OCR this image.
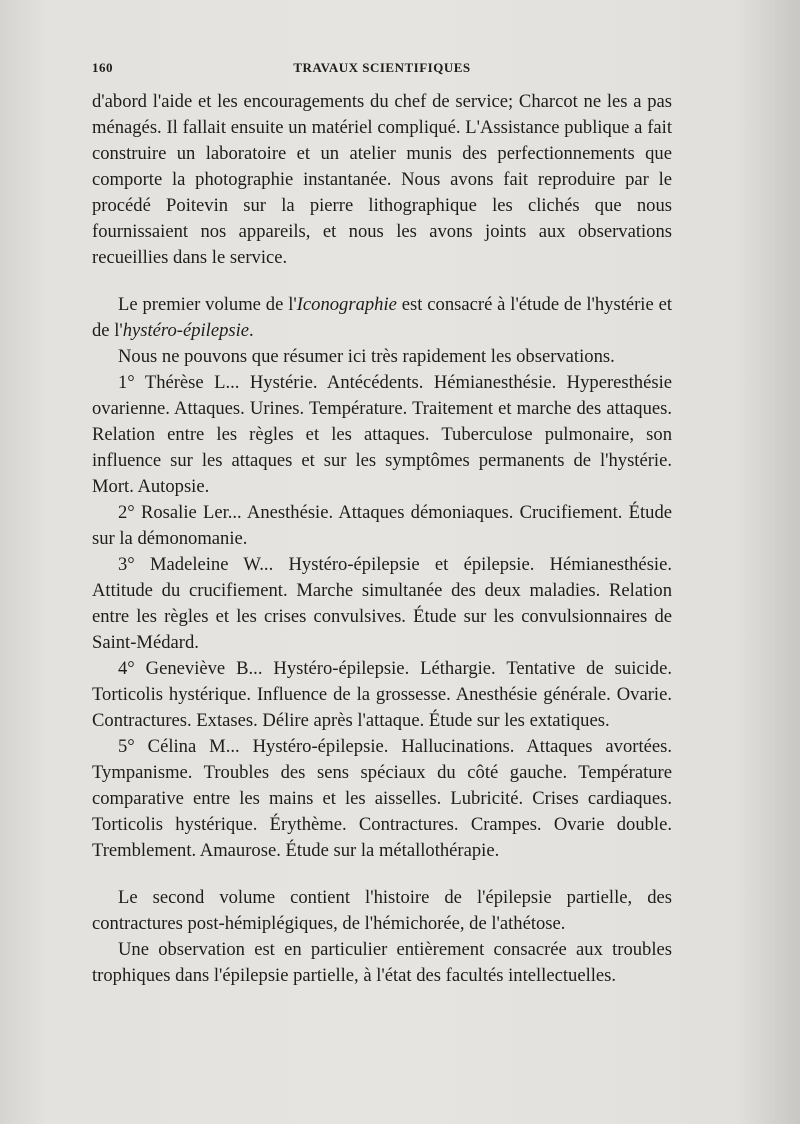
160	TRAVAUX SCIENTIFIQUES

d'abord l'aide et les encouragements du chef de service; Charcot ne les a pas ménagés. Il fallait ensuite un matériel compliqué. L'Assistance publique a fait construire un laboratoire et un atelier munis des perfectionnements que comporte la photographie instantanée. Nous avons fait reproduire par le procédé Poitevin sur la pierre lithographique les clichés que nous fournissaient nos appareils, et nous les avons joints aux observations recueillies dans le service.

Le premier volume de l'Iconographie est consacré à l'étude de l'hystérie et de l'hystéro-épilepsie.

Nous ne pouvons que résumer ici très rapidement les observations.

1° Thérèse L... Hystérie. Antécédents. Hémianesthésie. Hyperesthésie ovarienne. Attaques. Urines. Température. Traitement et marche des attaques. Relation entre les règles et les attaques. Tuberculose pulmonaire, son influence sur les attaques et sur les symptômes permanents de l'hystérie. Mort. Autopsie.

2° Rosalie Ler... Anesthésie. Attaques démoniaques. Crucifiement. Étude sur la démonomanie.

3° Madeleine W... Hystéro-épilepsie et épilepsie. Hémianesthésie. Attitude du crucifiement. Marche simultanée des deux maladies. Relation entre les règles et les crises convulsives. Étude sur les convulsionnaires de Saint-Médard.

4° Geneviève B... Hystéro-épilepsie. Léthargie. Tentative de suicide. Torticolis hystérique. Influence de la grossesse. Anesthésie générale. Ovarie. Contractures. Extases. Délire après l'attaque. Étude sur les extatiques.

5° Célina M... Hystéro-épilepsie. Hallucinations. Attaques avortées. Tympanisme. Troubles des sens spéciaux du côté gauche. Température comparative entre les mains et les aisselles. Lubricité. Crises cardiaques. Torticolis hystérique. Érythème. Contractures. Crampes. Ovarie double. Tremblement. Amaurose. Étude sur la métallothérapie.

Le second volume contient l'histoire de l'épilepsie partielle, des contractures post-hémiplégiques, de l'hémichorée, de l'athétose.

Une observation est en particulier entièrement consacrée aux troubles trophiques dans l'épilepsie partielle, à l'état des facultés intellectuelles.
